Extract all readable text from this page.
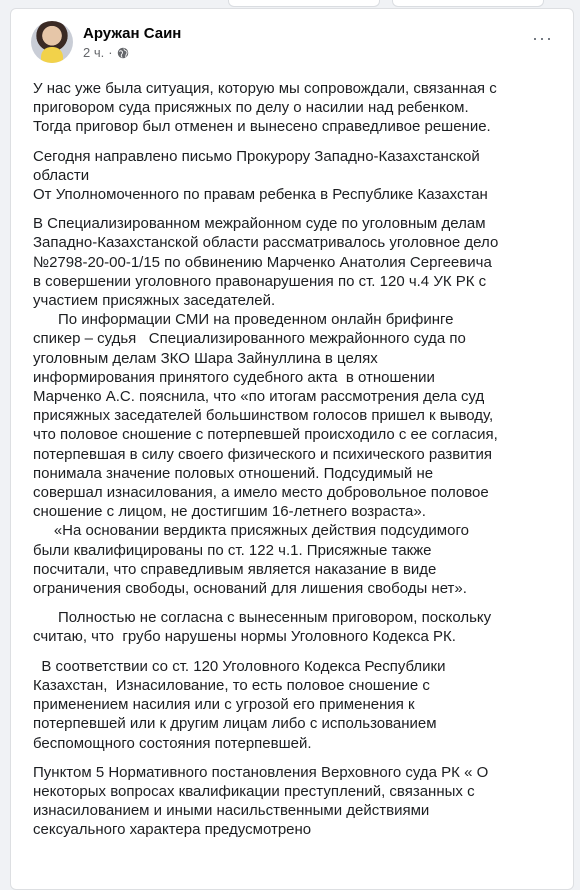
Аружан Саин
2 ч. ·
···
У нас уже была ситуация, которую мы сопровождали, связанная с
приговором суда присяжных по делу о насилии над ребенком.
Тогда приговор был отменен и вынесено справедливое решение.
Сегодня направлено письмо Прокурору Западно-Казахстанской
области
От Уполномоченного по правам ребенка в Республике Казахстан
В Специализированном межрайонном суде по уголовным делам
Западно-Казахстанской области рассматривалось уголовное дело
№2798-20-00-1/15 по обвинению Марченко Анатолия Сергеевича
в совершении уголовного правонарушения по ст. 120 ч.4 УК РК с
участием присяжных заседателей.
По информации СМИ на проведенном онлайн брифинге
спикер – судья   Специализированного межрайонного суда по
уголовным делам ЗКО Шара Зайнуллина в целях
информирования принятого судебного акта  в отношении
Марченко А.С. пояснила, что «по итогам рассмотрения дела суд
присяжных заседателей большинством голосов пришел к выводу,
что половое сношение с потерпевшей происходило с ее согласия,
потерпевшая в силу своего физического и психического развития
понимала значение половых отношений. Подсудимый не
совершал изнасилования, а имело место добровольное половое
сношение с лицом, не достигшим 16-летнего возраста».
«На основании вердикта присяжных действия подсудимого
были квалифицированы по ст. 122 ч.1. Присяжные также
посчитали, что справедливым является наказание в виде
ограничения свободы, оснований для лишения свободы нет».
Полностью не согласна с вынесенным приговором, поскольку
считаю, что  грубо нарушены нормы Уголовного Кодекса РК.
В соответствии со ст. 120 Уголовного Кодекса Республики
Казахстан,  Изнасилование, то есть половое сношение с
применением насилия или с угрозой его применения к
потерпевшей или к другим лицам либо с использованием
беспомощного состояния потерпевшей.
Пунктом 5 Нормативного постановления Верховного суда РК « О
некоторых вопросах квалификации преступлений, связанных с
изнасилованием и иными насильственными действиями
сексуального характера предусмотрено
